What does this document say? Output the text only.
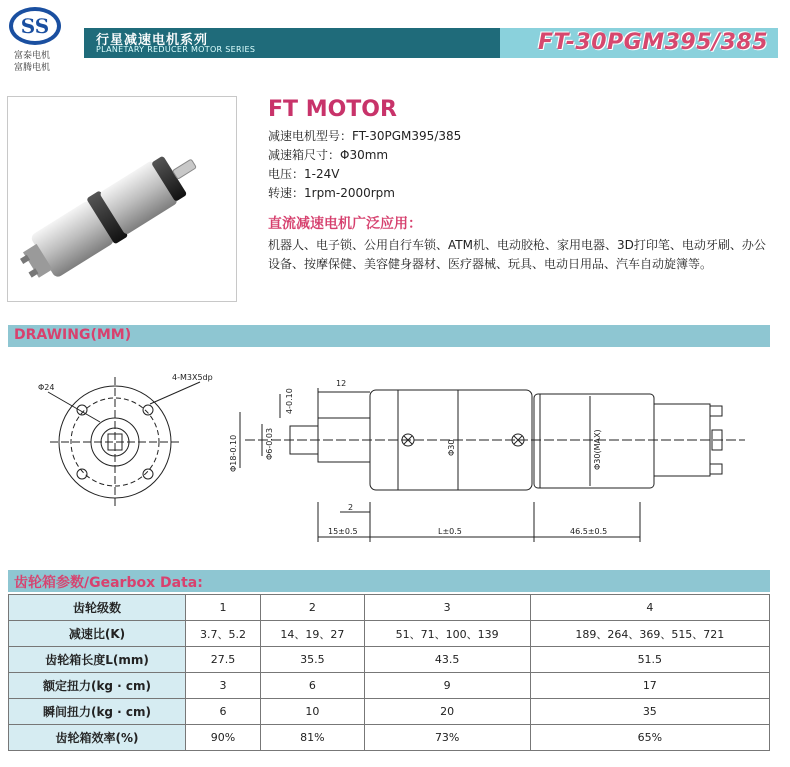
SS
富泰电机
富腾电机
行星减速电机系列
PLANETARY REDUCER MOTOR SERIES	FT-30PGM395/385
FT MOTOR
减速电机型号：FT-30PGM395/385
减速箱尺寸：Φ30mm
电压：1-24V
转速：1rpm-2000rpm
直流减速电机广泛应用：
机器人、电子锁、公用自行车锁、ATM机、电动胶枪、家用电器、3D打印笔、电动牙刷、办公设备、按摩保健、美容健身器材、医疗器械、玩具、电动日用品、汽车自动旋簿等。
DRAWING(MM)
Φ24
4-M3X5dp
12
4-0.10
Φ18-0.10	Φ6-0.03
2
15±0.5	L±0.5	46.5±0.5
Φ30	Φ30(MAX)
齿轮箱参数/Gearbox Data:
齿轮级数	1	2	3	4
减速比(K)	3.7、5.2	14、19、27	51、71、100、139	189、264、369、515、721
齿轮箱长度L(mm)	27.5	35.5	43.5	51.5
额定扭力(kg · cm)	3	6	9	17
瞬间扭力(kg · cm)	6	10	20	35
齿轮箱效率(%)	90%	81%	73%	65%
